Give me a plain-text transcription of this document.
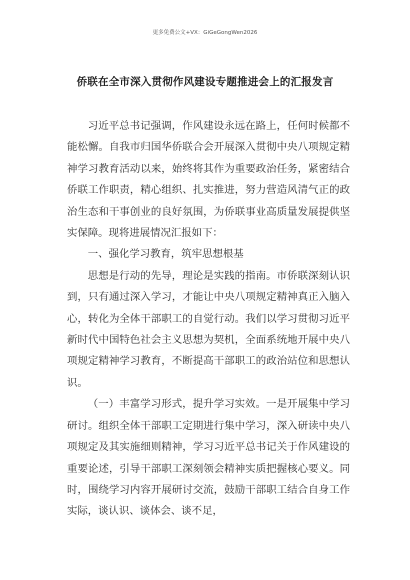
更多免费公文+VX：GiGeGongWen2026
侨联在全市深入贯彻作风建设专题推进会上的汇报发言

习近平总书记强调，作风建设永远在路上，任何时候都不能松懈。自我市归国华侨联合会开展深入贯彻中央八项规定精神学习教育活动以来，始终将其作为重要政治任务，紧密结合侨联工作职责，精心组织、扎实推进，努力营造风清气正的政治生态和干事创业的良好氛围，为侨联事业高质量发展提供坚实保障。现将进展情况汇报如下：

一、强化学习教育，筑牢思想根基

思想是行动的先导，理论是实践的指南。市侨联深刻认识到，只有通过深入学习，才能让中央八项规定精神真正入脑入心，转化为全体干部职工的自觉行动。我们以学习贯彻习近平新时代中国特色社会主义思想为契机，全面系统地开展中央八项规定精神学习教育，不断提高干部职工的政治站位和思想认识。

（一）丰富学习形式，提升学习实效。一是开展集中学习研讨。组织全体干部职工定期进行集中学习，深入研读中央八项规定及其实施细则精神，学习习近平总书记关于作风建设的重要论述，引导干部职工深刻领会精神实质把握核心要义。同时，围绕学习内容开展研讨交流，鼓励干部职工结合自身工作实际，谈认识、谈体会、谈不足，
